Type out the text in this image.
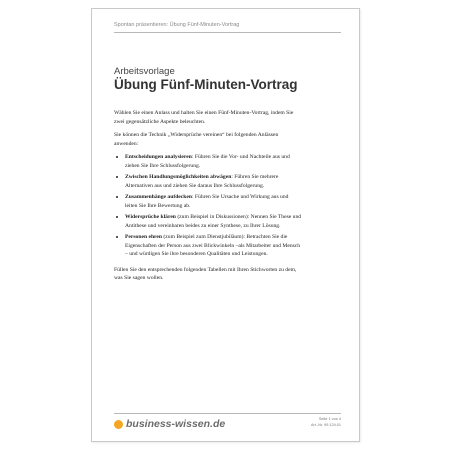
Spontan präsentieren: Übung Fünf-Minuten-Vortrag
Arbeitsvorlage
Übung Fünf-Minuten-Vortrag

Wählen Sie einen Anlass und halten Sie einen Fünf-Minuten-Vortrag, indem Sie zwei gegensätzliche Aspekte beleuchten.

Sie können die Technik „Widersprüche vereinen“ bei folgenden Anlässen anwenden:

Entscheidungen analysieren: Führen Sie die Vor- und Nachteile aus und ziehen Sie Ihre Schlussfolgerung.
Zwischen Handlungsmöglichkeiten abwägen: Führen Sie mehrere Alternativen aus und ziehen Sie daraus Ihre Schlussfolgerung.
Zusammenhänge aufdecken: Führen Sie Ursache und Wirkung aus und leiten Sie Ihre Bewertung ab.
Widersprüche klären (zum Beispiel in Diskussionen): Nennen Sie These und Antithese und vereinbaren beides zu einer Synthese, zu Ihrer Lösung.
Personen ehren (zum Beispiel zum Dienstjubiläum): Betrachten Sie die Eigenschaften der Person aus zwei Blickwinkeln –als Mitarbeiter und Mensch – und würdigen Sie ihre besonderen Qualitäten und Leistungen.

Füllen Sie den entsprechenden folgenden Tabellen mit Ihren Stichworten zu dem, was Sie sagen wollen.

business-wissen.de	Seite 1 von 4
Art.-Nr. 99.124.01
